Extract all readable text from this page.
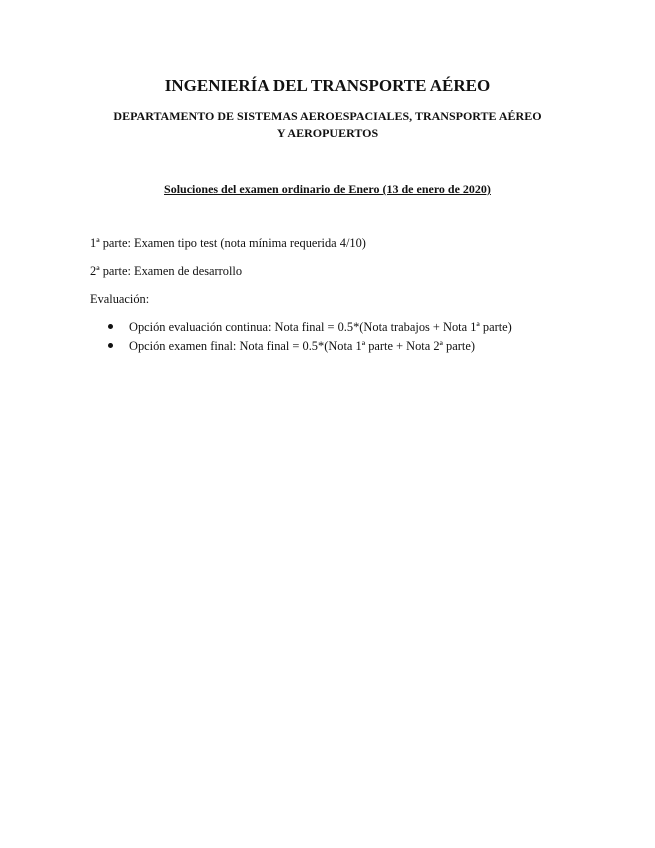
INGENIERÍA DEL TRANSPORTE AÉREO
DEPARTAMENTO DE SISTEMAS AEROESPACIALES, TRANSPORTE AÉREO
Y AEROPUERTOS
Soluciones del examen ordinario de Enero (13 de enero de 2020)
1ª parte: Examen tipo test (nota mínima requerida 4/10)
2ª parte: Examen de desarrollo
Evaluación:
Opción evaluación continua: Nota final = 0.5*(Nota trabajos + Nota 1ª parte)
Opción examen final: Nota final = 0.5*(Nota 1ª parte + Nota 2ª parte)
